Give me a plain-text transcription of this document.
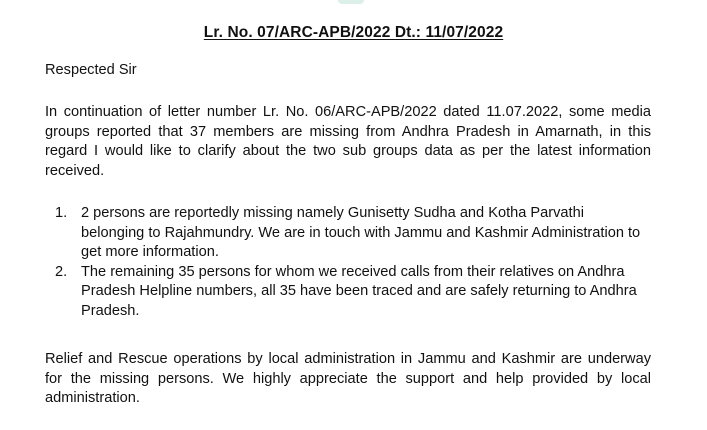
Lr. No. 07/ARC-APB/2022 Dt.: 11/07/2022
Respected Sir

In continuation of letter number Lr. No. 06/ARC-APB/2022 dated 11.07.2022, some media groups reported that 37 members are missing from Andhra Pradesh in Amarnath, in this regard I would like to clarify about the two sub groups data as per the latest information received.

1. 2 persons are reportedly missing namely Gunisetty Sudha and Kotha Parvathi belonging to Rajahmundry. We are in touch with Jammu and Kashmir Administration to get more information.
2. The remaining 35 persons for whom we received calls from their relatives on Andhra Pradesh Helpline numbers, all 35 have been traced and are safely returning to Andhra Pradesh.

Relief and Rescue operations by local administration in Jammu and Kashmir are underway for the missing persons. We highly appreciate the support and help provided by local administration.
